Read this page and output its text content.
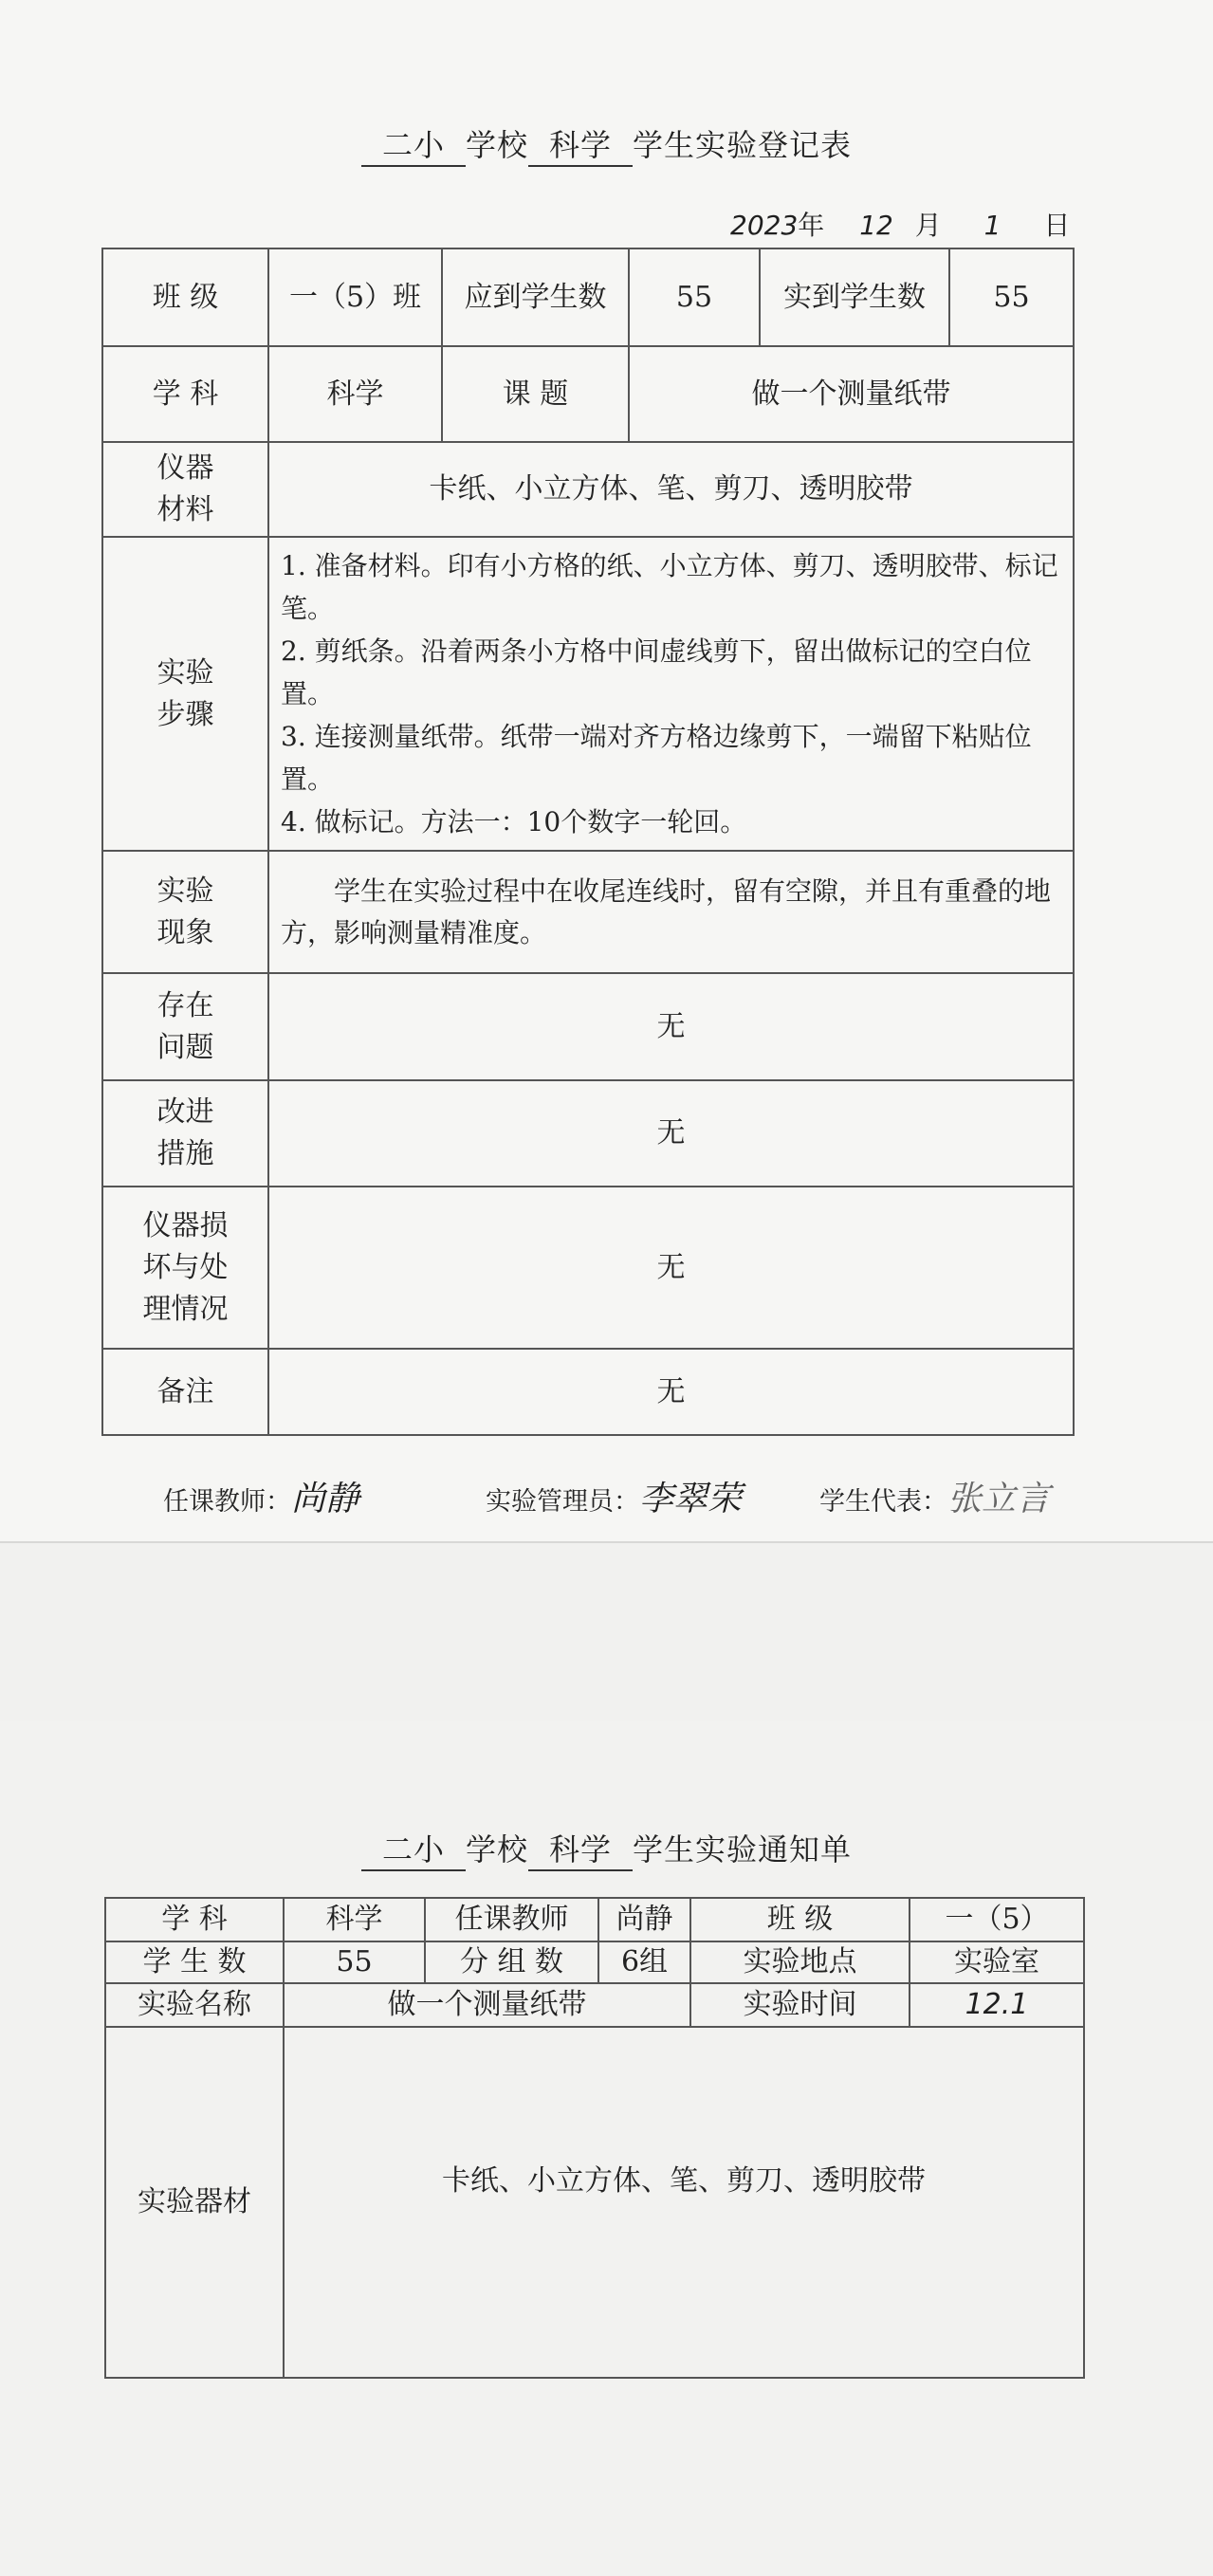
二小 学校 科学 学生实验登记表
2023年 12 月 1 日
班 级	一（5）班	应到学生数	55	实到学生数	55
学 科	科学	课 题	做一个测量纸带		
仪器材料	卡纸、小立方体、笔、剪刀、透明胶带				
实验步骤	1. 准备材料。印有小方格的纸、小立方体、剪刀、透明胶带、标记笔。
2. 剪纸条。沿着两条小方格中间虚线剪下，留出做标记的空白位置。
3. 连接测量纸带。纸带一端对齐方格边缘剪下，一端留下粘贴位置。
4. 做标记。方法一：10个数字一轮回。				

实验现象	学生在实验过程中在收尾连线时，留有空隙，并且有重叠的地方，影响测量精准度。				
存在问题	无				
改进措施	无				
仪器损坏与处理情况	无				
备注	无				
任课教师：尚静	实验管理员：李翠荣	学生代表：张立言
二小 学校 科学 学生实验通知单
学 科	科学	任课教师	尚静	班 级	一（5）
学 生 数	55	分 组 数	6组	实验地点	实验室
实验名称	做一个测量纸带			实验时间	12.1
实验器材	卡纸、小立方体、笔、剪刀、透明胶带				
